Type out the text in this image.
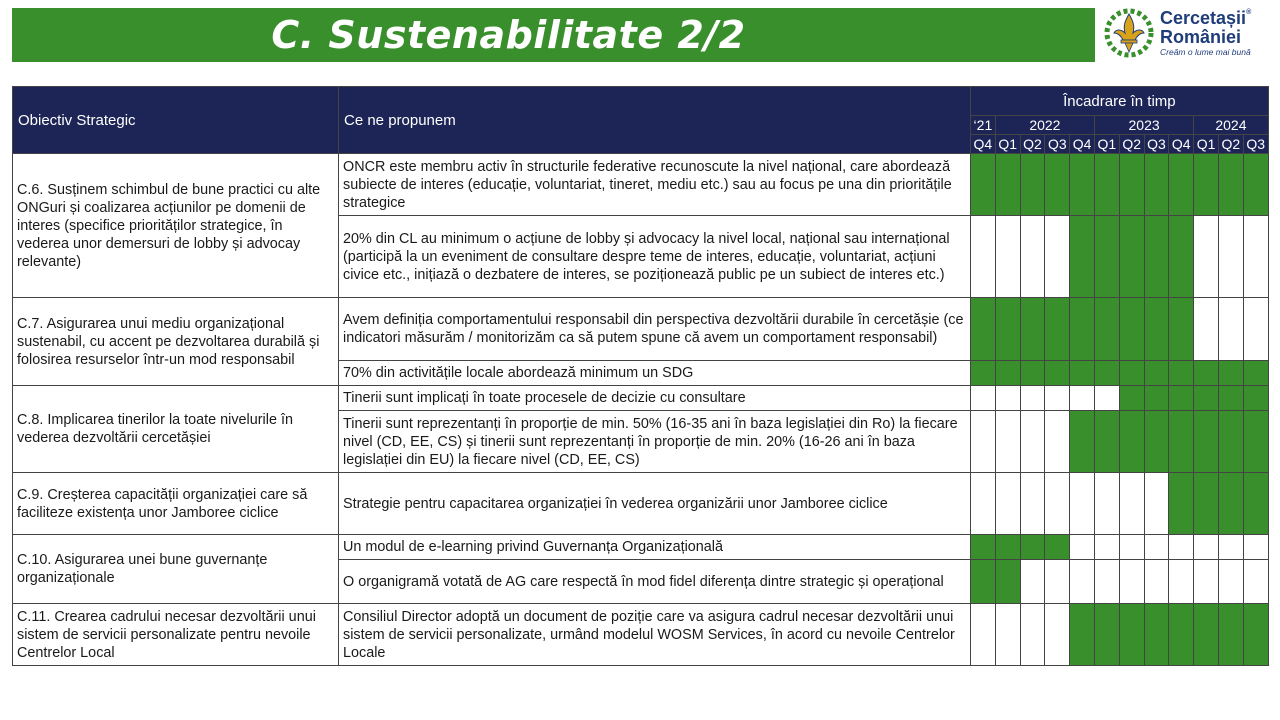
C. Sustenabilitate 2/2	Cercetașii®
României
Creăm o lume mai bună
Obiectiv Strategic	Ce ne propunem	Încadrare în timp											
		‘21	2022				2023				2024		
		Q4	Q1	Q2	Q3	Q4	Q1	Q2	Q3	Q4	Q1	Q2	Q3
C.6. Susținem schimbul de bune practici cu alte ONGuri și coalizarea acțiunilor pe domenii de interes (specifice priorităților strategice, în vederea unor demersuri de lobby și advocay relevante)	ONCR este membru activ în structurile federative recunoscute la nivel național, care abordează subiecte de interes (educație, voluntariat, tineret, mediu etc.) sau au focus pe una din prioritățile strategice												
	20% din CL au minimum o acțiune de lobby și advocacy la nivel local, național sau internațional (participă la un eveniment de consultare despre teme de interes, educație, voluntariat, acțiuni civice etc., inițiază o dezbatere de interes, se poziționează public pe un subiect de interes etc.)												
C.7. Asigurarea unui mediu organizațional sustenabil, cu accent pe dezvoltarea durabilă și folosirea resurselor într-un mod responsabil	Avem definiția comportamentului responsabil din perspectiva dezvoltării durabile în cercetășie (ce indicatori măsurăm / monitorizăm ca să putem spune că avem un comportament responsabil)												
	70% din activitățile locale abordează minimum un SDG												
C.8. Implicarea tinerilor la toate nivelurile în vederea dezvoltării cercetășiei	Tinerii sunt implicați în toate procesele de decizie cu consultare												
	Tinerii sunt reprezentanți în proporție de min. 50% (16-35 ani în baza legislației din Ro) la fiecare nivel (CD, EE, CS) și tinerii sunt reprezentanți în proporție de min. 20% (16-26 ani în baza legislației din EU) la fiecare nivel (CD, EE, CS)												
C.9. Creșterea capacității organizației care să faciliteze existența unor Jamboree ciclice	Strategie pentru capacitarea organizației în vederea organizării unor Jamboree ciclice												
C.10. Asigurarea unei bune guvernanțe organizaționale	Un modul de e-learning privind Guvernanța Organizațională												
	O organigramă votată de AG care respectă în mod fidel diferența dintre strategic și operațional												
C.11. Crearea cadrului necesar dezvoltării unui sistem de servicii personalizate pentru nevoile Centrelor Local	Consiliul Director adoptă un document de poziție care va asigura cadrul necesar dezvoltării unui sistem de servicii personalizate, urmând modelul WOSM Services, în acord cu nevoile Centrelor Locale												
